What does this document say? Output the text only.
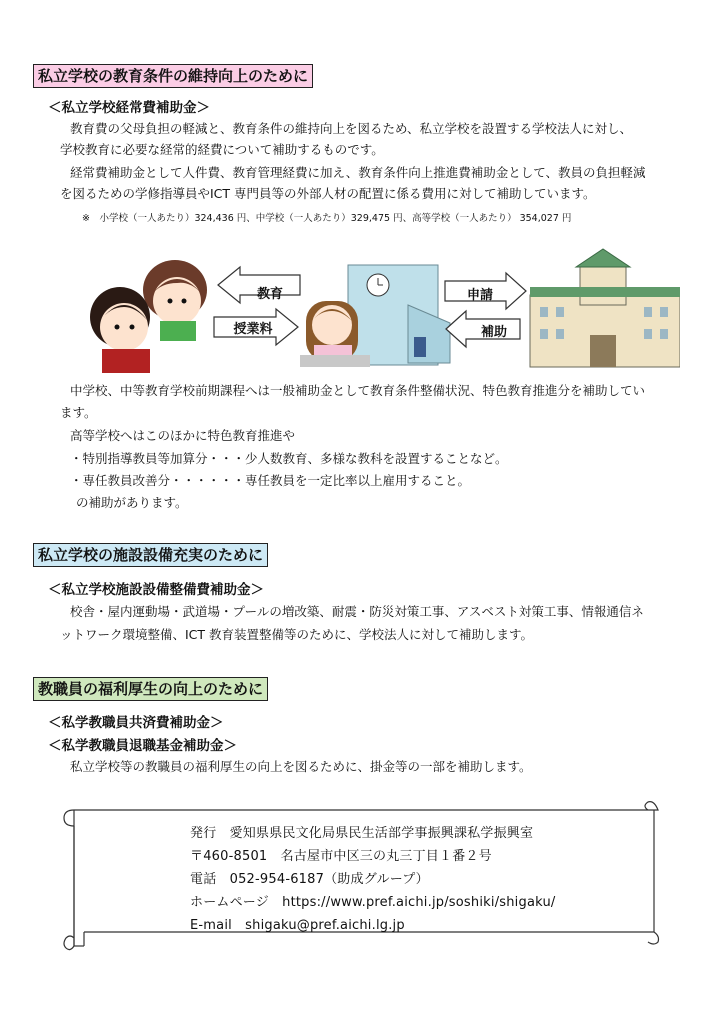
私立学校の教育条件の維持向上のために
＜私立学校経常費補助金＞
教育費の父母負担の軽減と、教育条件の維持向上を図るため、私立学校を設置する学校法人に対し、
学校教育に必要な経常的経費について補助するものです。
経常費補助金として人件費、教育管理経費に加え、教育条件向上推進費補助金として、教員の負担軽減
を図るための学修指導員やICT 専門員等の外部人材の配置に係る費用に対して補助しています。
※　小学校（一人あたり）324,436 円、中学校（一人あたり）329,475 円、高等学校（一人あたり） 354,027 円
教育
授業料
申請
補助
中学校、中等教育学校前期課程へは一般補助金として教育条件整備状況、特色教育推進分を補助してい
ます。
高等学校へはこのほかに特色教育推進や
・特別指導教員等加算分・・・少人数教育、多様な教科を設置することなど。
・専任教員改善分・・・・・・専任教員を一定比率以上雇用すること。
の補助があります。
私立学校の施設設備充実のために
＜私立学校施設設備整備費補助金＞
校舎・屋内運動場・武道場・プールの増改築、耐震・防災対策工事、アスベスト対策工事、情報通信ネ
ットワーク環境整備、ICT 教育装置整備等のために、学校法人に対して補助します。
教職員の福利厚生の向上のために
＜私学教職員共済費補助金＞
＜私学教職員退職基金補助金＞
私立学校等の教職員の福利厚生の向上を図るために、掛金等の一部を補助します。
発行　愛知県県民文化局県民生活部学事振興課私学振興室
〒460-8501　名古屋市中区三の丸三丁目１番２号
電話　052-954-6187（助成グループ）
ホームページ　https://www.pref.aichi.jp/soshiki/shigaku/
E-mail　shigaku@pref.aichi.lg.jp
